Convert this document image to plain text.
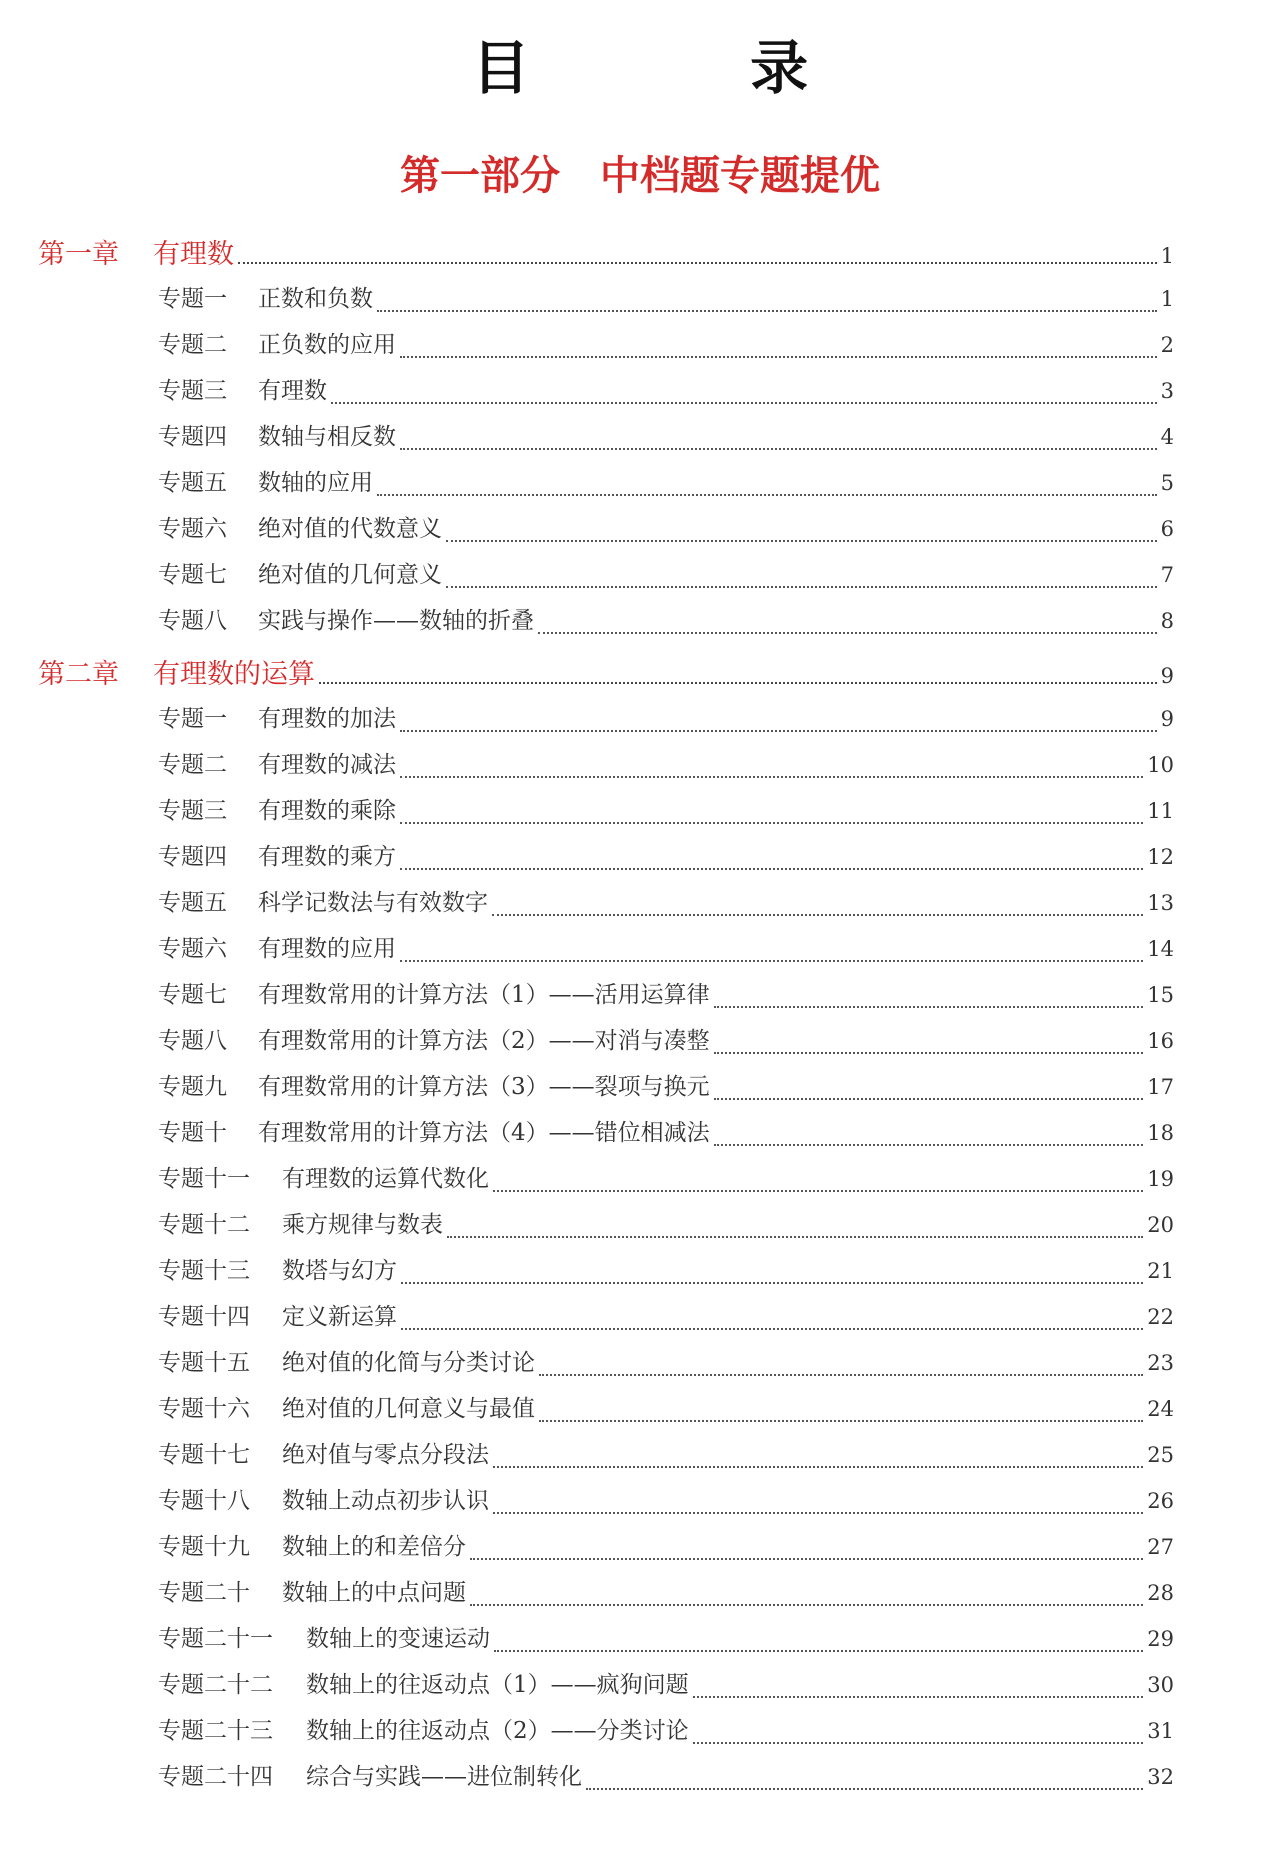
目 录
第一部分　中档题专题提优
第一章	有理数	1
专题一	正数和负数	1
专题二	正负数的应用	2
专题三	有理数	3
专题四	数轴与相反数	4
专题五	数轴的应用	5
专题六	绝对值的代数意义	6
专题七	绝对值的几何意义	7
专题八	实践与操作——数轴的折叠	8
第二章	有理数的运算	9
专题一	有理数的加法	9
专题二	有理数的减法	10
专题三	有理数的乘除	11
专题四	有理数的乘方	12
专题五	科学记数法与有效数字	13
专题六	有理数的应用	14
专题七	有理数常用的计算方法（1）——活用运算律	15
专题八	有理数常用的计算方法（2）——对消与凑整	16
专题九	有理数常用的计算方法（3）——裂项与换元	17
专题十	有理数常用的计算方法（4）——错位相减法	18
专题十一	有理数的运算代数化	19
专题十二	乘方规律与数表	20
专题十三	数塔与幻方	21
专题十四	定义新运算	22
专题十五	绝对值的化简与分类讨论	23
专题十六	绝对值的几何意义与最值	24
专题十七	绝对值与零点分段法	25
专题十八	数轴上动点初步认识	26
专题十九	数轴上的和差倍分	27
专题二十	数轴上的中点问题	28
专题二十一	数轴上的变速运动	29
专题二十二	数轴上的往返动点（1）——疯狗问题	30
专题二十三	数轴上的往返动点（2）——分类讨论	31
专题二十四	综合与实践——进位制转化	32
